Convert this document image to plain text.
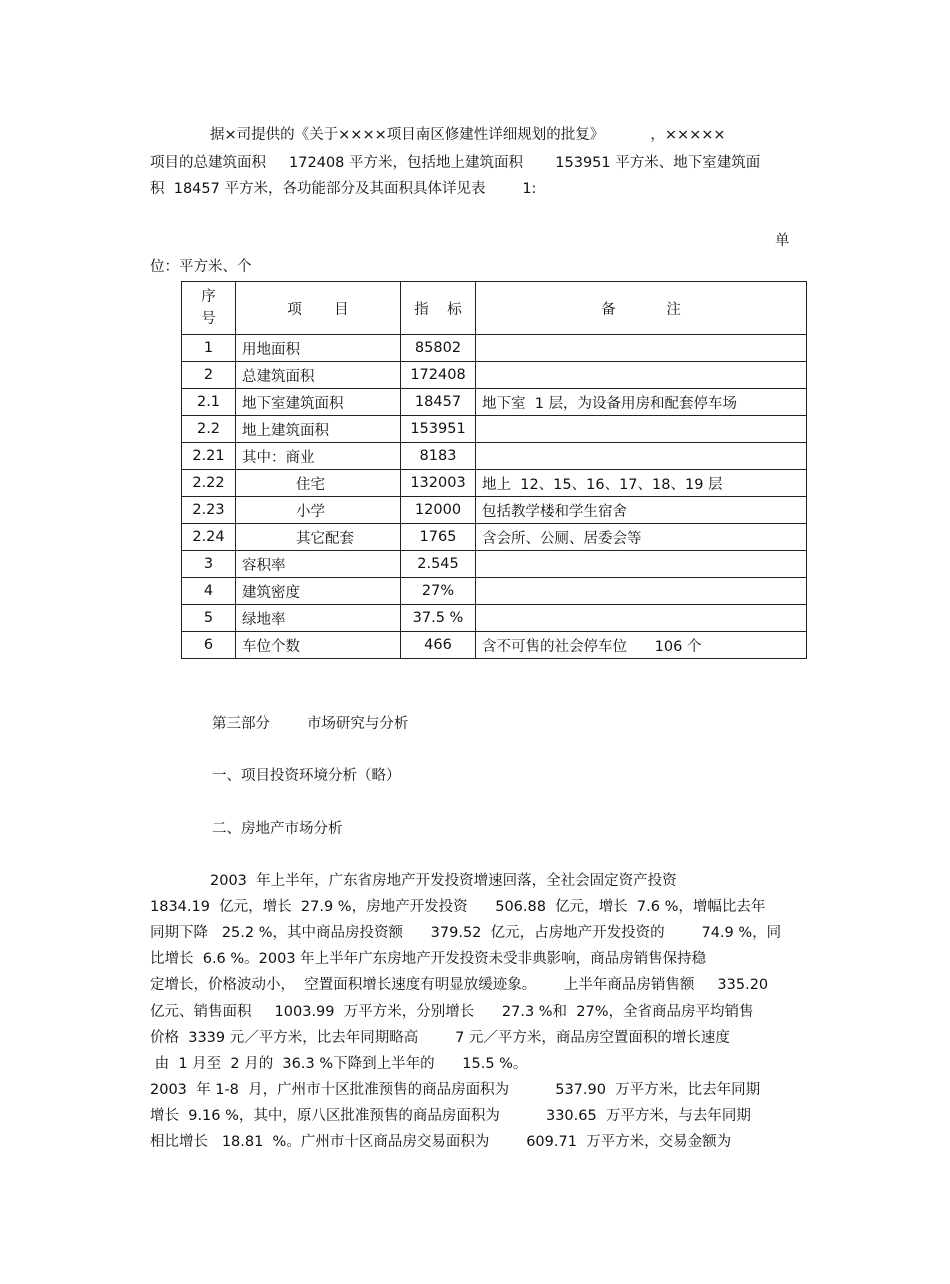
据×司提供的《关于××××项目南区修建性详细规划的批复》          ，×××××
项目的总建筑面积     172408 平方米，包括地上建筑面积       153951 平方米、地下室建筑面
积  18457 平方米，各功能部分及其面积具体详见表        1:
单
位：平方米、个
序
号	项       目	指    标	备           注
1	用地面积	85802	
2	总建筑面积	172408	
2.1	地下室建筑面积	18457	地下室  1 层，为设备用房和配套停车场
2.2	地上建筑面积	153951	
2.21	其中：商业	8183	
2.22	住宅	132003	地上  12、15、16、17、18、19 层
2.23	小学	12000	包括教学楼和学生宿舍
2.24	其它配套	1765	含会所、公厕、居委会等
3	容积率	2.545	
4	建筑密度	27%	
5	绿地率	37.5 %	
6	车位个数	466	含不可售的社会停车位      106 个
第三部分        市场研究与分析
一、项目投资环境分析（略）
二、房地产市场分析
2003  年上半年，广东省房地产开发投资增速回落，全社会固定资产投资
1834.19  亿元，增长  27.9 %，房地产开发投资      506.88  亿元，增长  7.6 %，增幅比去年
同期下降   25.2 %，其中商品房投资额      379.52  亿元，占房地产开发投资的        74.9 %，同
比增长  6.6 %。2003 年上半年广东房地产开发投资未受非典影响，商品房销售保持稳
定增长，价格波动小，  空置面积增长速度有明显放缓迹象。      上半年商品房销售额     335.20
亿元、销售面积     1003.99  万平方米，分别增长      27.3 %和  27%，全省商品房平均销售
价格  3339 元／平方米，比去年同期略高        7 元／平方米，商品房空置面积的增长速度
由  1 月至  2 月的  36.3 %下降到上半年的      15.5 %。
2003  年 1-8  月，广州市十区批准预售的商品房面积为          537.90  万平方米，比去年同期
增长  9.16 %，其中，原八区批准预售的商品房面积为          330.65  万平方米，与去年同期
相比增长   18.81  %。广州市十区商品房交易面积为        609.71  万平方米，交易金额为
